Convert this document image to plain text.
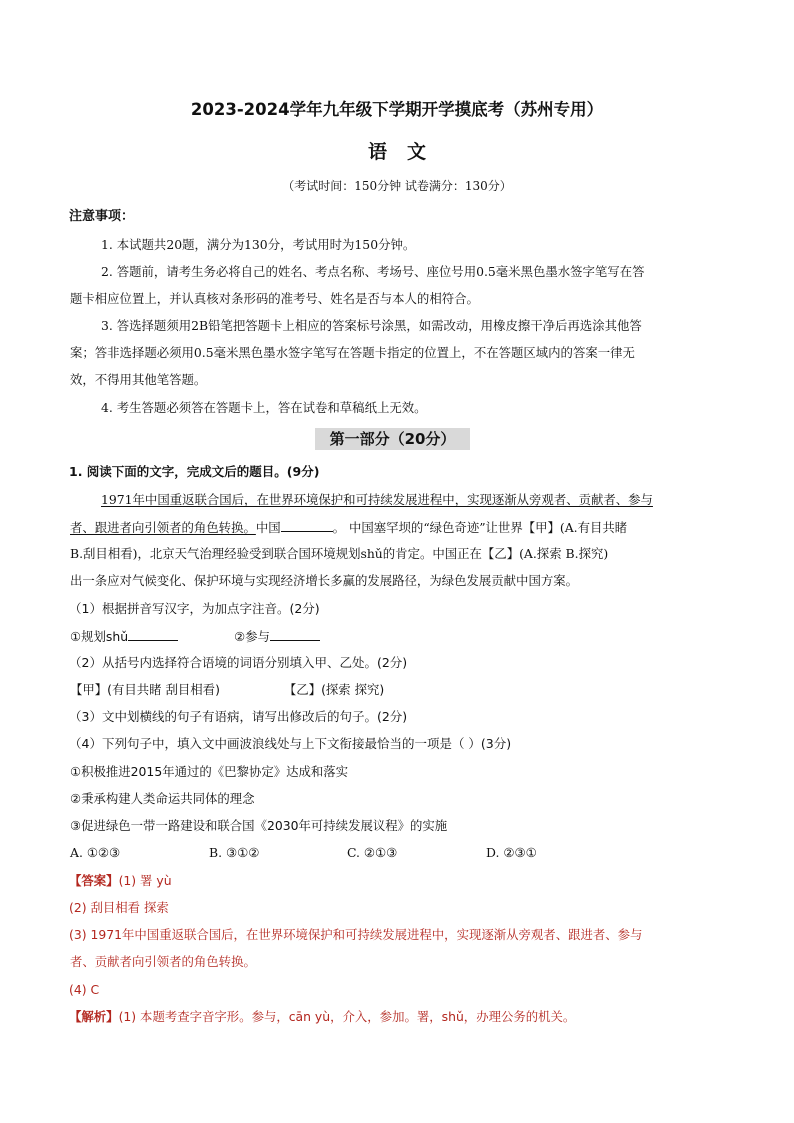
2023-2024学年九年级下学期开学摸底考（苏州专用）
语 文
（考试时间：150分钟 试卷满分：130分）
注意事项：
1. 本试题共20题，满分为130分，考试用时为150分钟。
2. 答题前，请考生务必将自己的姓名、考点名称、考场号、座位号用0.5毫米黑色墨水签字笔写在答
题卡相应位置上，并认真核对条形码的准考号、姓名是否与本人的相符合。
3. 答选择题须用2B铅笔把答题卡上相应的答案标号涂黑，如需改动，用橡皮擦干净后再选涂其他答
案；答非选择题必须用0.5毫米黑色墨水签字笔写在答题卡指定的位置上，不在答题区域内的答案一律无
效，不得用其他笔答题。
4. 考生答题必须答在答题卡上，答在试卷和草稿纸上无效。
第一部分（20分）
1. 阅读下面的文字，完成文后的题目。(9分)
1971年中国重返联合国后，在世界环境保护和可持续发展进程中，实现逐渐从旁观者、贡献者、参与
者、跟进者向引领者的角色转换。中国	。 中国塞罕坝的“绿色奇迹”让世界【甲】(A.有目共睹
B.刮目相看)，北京天气治理经验受到联合国环境规划shǔ的肯定。中国正在【乙】(A.探索 B.探究)
出一条应对气候变化、保护环境与实现经济增长多赢的发展路径，为绿色发展贡献中国方案。
（1）根据拼音写汉字，为加点字注音。(2分)
①规划shǔ	②参与
（2）从括号内选择符合语境的词语分别填入甲、乙处。(2分)
【甲】(有目共睹 刮目相看)	【乙】(探索 探究)
（3）文中划横线的句子有语病，请写出修改后的句子。(2分)
（4）下列句子中，填入文中画波浪线处与上下文衔接最恰当的一项是（ ）(3分)
①积极推进2015年通过的《巴黎协定》达成和落实
②秉承构建人类命运共同体的理念
③促进绿色一带一路建设和联合国《2030年可持续发展议程》的实施
A. ①②③	B. ③①②	C. ②①③	D. ②③①
【答案】(1) 署 yù
(2) 刮目相看 探索
(3) 1971年中国重返联合国后，在世界环境保护和可持续发展进程中，实现逐渐从旁观者、跟进者、参与
者、贡献者向引领者的角色转换。
(4) C
【解析】(1) 本题考查字音字形。参与，cān yù，介入，参加。署，shǔ，办理公务的机关。
